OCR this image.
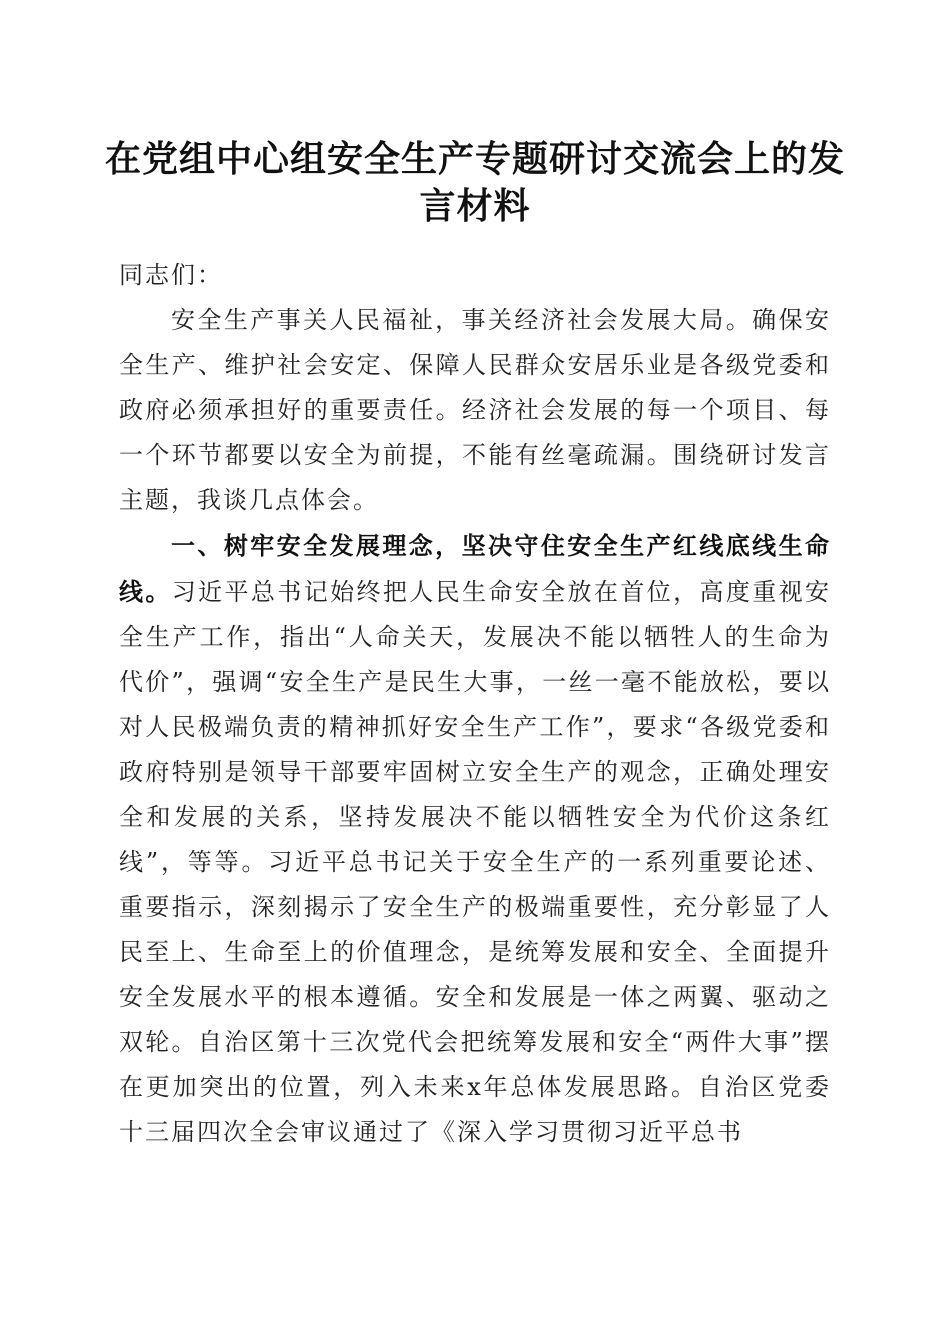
在党组中心组安全生产专题研讨交流会上的发言材料

同志们：

安全生产事关人民福祉，事关经济社会发展大局。确保安全生产、维护社会安定、保障人民群众安居乐业是各级党委和政府必须承担好的重要责任。经济社会发展的每一个项目、每一个环节都要以安全为前提，不能有丝毫疏漏。围绕研讨发言主题，我谈几点体会。

一、树牢安全发展理念，坚决守住安全生产红线底线生命线。习近平总书记始终把人民生命安全放在首位，高度重视安全生产工作，指出“人命关天，发展决不能以牺牲人的生命为代价”，强调“安全生产是民生大事，一丝一毫不能放松，要以对人民极端负责的精神抓好安全生产工作”，要求“各级党委和政府特别是领导干部要牢固树立安全生产的观念，正确处理安全和发展的关系，坚持发展决不能以牺牲安全为代价这条红线”，等等。习近平总书记关于安全生产的一系列重要论述、重要指示，深刻揭示了安全生产的极端重要性，充分彰显了人民至上、生命至上的价值理念，是统筹发展和安全、全面提升安全发展水平的根本遵循。安全和发展是一体之两翼、驱动之双轮。自治区第十三次党代会把统筹发展和安全“两件大事”摆在更加突出的位置，列入未来x年总体发展思路。自治区党委十三届四次全会审议通过了《深入学习贯彻习近平总书
